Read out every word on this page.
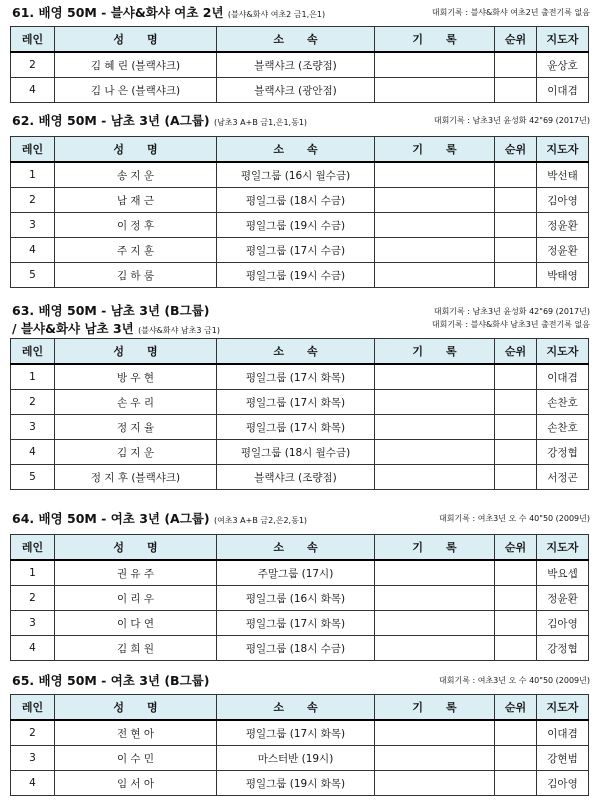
61. 배영 50M - 블샤&화샤 여초 2년 (블샤&화샤 여초2 금1,은1)	대회기록 : 블샤&화샤 여초2년 출전기록 없음
레인	성      명	소      속	기      록	순위	지도자
2	김 혜 린 (블랙샤크)	블랙샤크 (조량점)			윤상호
4	김 나 은 (블랙샤크)	블랙샤크 (광안점)			이대겸
62. 배영 50M - 남초 3년 (A그룹) (남초3 A+B 금1,은1,동1)	대회기록 : 남초3년 윤성화 42"69 (2017년)
레인	성      명	소      속	기      록	순위	지도자
1	송 지 운	평일그룹 (16시 월수금)			박선태
2	남 재 근	평일그룹 (18시 수금)			김아영
3	이 정 후	평일그룹 (19시 수금)			정윤환
4	주 지 훈	평일그룹 (17시 수금)			정윤환
5	김 하 룸	평일그룹 (19시 수금)			박태영
63. 배영 50M - 남초 3년 (B그룹)
/ 블샤&화샤 남초 3년 (블샤&화샤 남초3 금1)
대회기록 : 남초3년 윤성화 42"69 (2017년)
대회기록 : 블샤&화샤 남초3년 출전기록 없음
레인	성      명	소      속	기      록	순위	지도자
1	방 우 현	평일그룹 (17시 화목)			이대겸
2	손 우 리	평일그룹 (17시 화목)			손찬호
3	정 지 율	평일그룹 (17시 화목)			손찬호
4	김 지 운	평일그룹 (18시 월수금)			강정협
5	정 지 후 (블랙샤크)	블랙샤크 (조량점)			서정곤
64. 배영 50M - 여초 3년 (A그룹) (여초3 A+B 금2,은2,동1)	대회기록 : 여초3년 오 수 40"50 (2009년)
레인	성      명	소      속	기      록	순위	지도자
1	권 유 주	주말그룹 (17시)			박요셉
2	이 리 우	평일그룹 (16시 화목)			정윤환
3	이 다 연	평일그룹 (17시 화목)			김아영
4	김 희 원	평일그룹 (18시 수금)			강정협
65. 배영 50M - 여초 3년 (B그룹)	대회기록 : 여초3년 오 수 40"50 (2009년)
레인	성      명	소      속	기      록	순위	지도자
2	전 현 아	평일그룹 (17시 화목)			이대겸
3	이 수 민	마스터반 (19시)			강현범
4	임 서 아	평일그룹 (19시 화목)			김아영
